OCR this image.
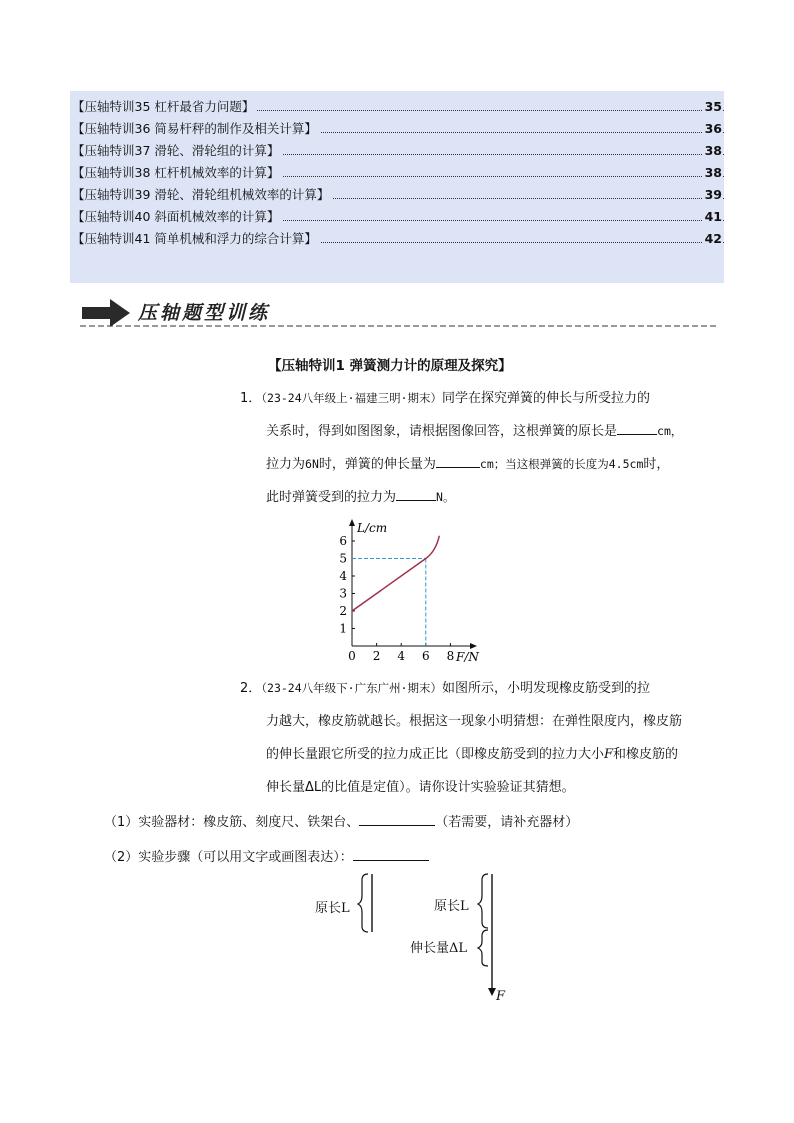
【压轴特训35 杠杆最省力问题】	35
【压轴特训36 简易杆秤的制作及相关计算】	36
【压轴特训37 滑轮、滑轮组的计算】	38
【压轴特训38 杠杆机械效率的计算】	38
【压轴特训39 滑轮、滑轮组机械效率的计算】	39
【压轴特训40 斜面机械效率的计算】	41
【压轴特训41 简单机械和浮力的综合计算】	42
压轴题型训练
【压轴特训1 弹簧测力计的原理及探究】
1．（23-24八年级上·福建三明·期末）同学在探究弹簧的伸长与所受拉力的
关系时，得到如图图象，请根据图像回答，这根弹簧的原长是	cm，
拉力为6N时，弹簧的伸长量为	cm；当这根弹簧的长度为4.5cm时，
此时弹簧受到的拉力为	N。
0 2 4 6 8
1
2
3
4
5
6
L/cm
F/N
2．（23-24八年级下·广东广州·期末）如图所示，小明发现橡皮筋受到的拉
力越大，橡皮筋就越长。根据这一现象小明猜想：在弹性限度内，橡皮筋
的伸长量跟它所受的拉力成正比（即橡皮筋受到的拉力大小F和橡皮筋的
伸长量ΔL的比值是定值）。请你设计实验验证其猜想。
（1）实验器材：橡皮筋、刻度尺、铁架台、	（若需要，请补充器材）
（2）实验步骤（可以用文字或画图表达）：
原长L	原长L
伸长量ΔL
F
